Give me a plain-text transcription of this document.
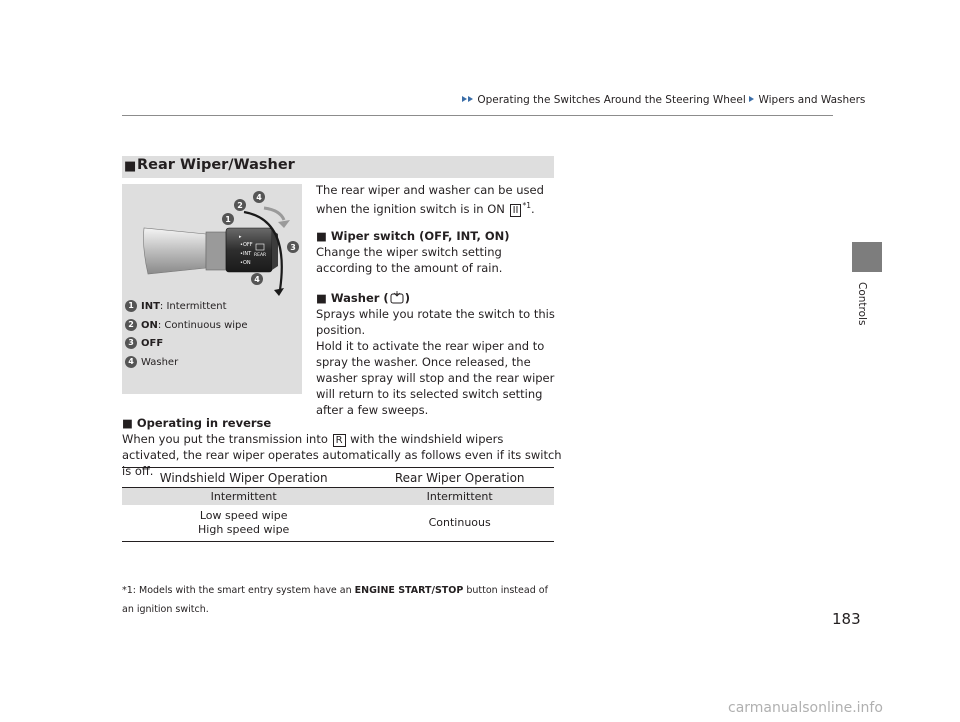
Operating the Switches Around the Steering Wheel Wipers and Washers
Controls
■ Rear Wiper/Washer
▸
•OFF
•INT
•ON
REAR
1
2
4
3
4
1 INT: Intermittent
2 ON: Continuous wipe
3 OFF
4 Washer
The rear wiper and washer can be used when the ignition switch is in ON II $^{*1}$.
■ Wiper switch (OFF, INT, ON)
Change the wiper switch setting according to the amount of rain.
■ Washer ( )
Sprays while you rotate the switch to this position.
Hold it to activate the rear wiper and to spray the washer. Once released, the washer spray will stop and the rear wiper will return to its selected switch setting after a few sweeps.
■ Operating in reverse
When you put the transmission into R with the windshield wipers activated, the rear wiper operates automatically as follows even if its switch is off. Windshield Wiper Operation	Rear Wiper Operation
Intermittent	Intermittent

Low speed wipe
High speed wipe	Continuous
*1: Models with the smart entry system have an ENGINE START/STOP button instead of an ignition switch.
183
carmanualsonline.info
